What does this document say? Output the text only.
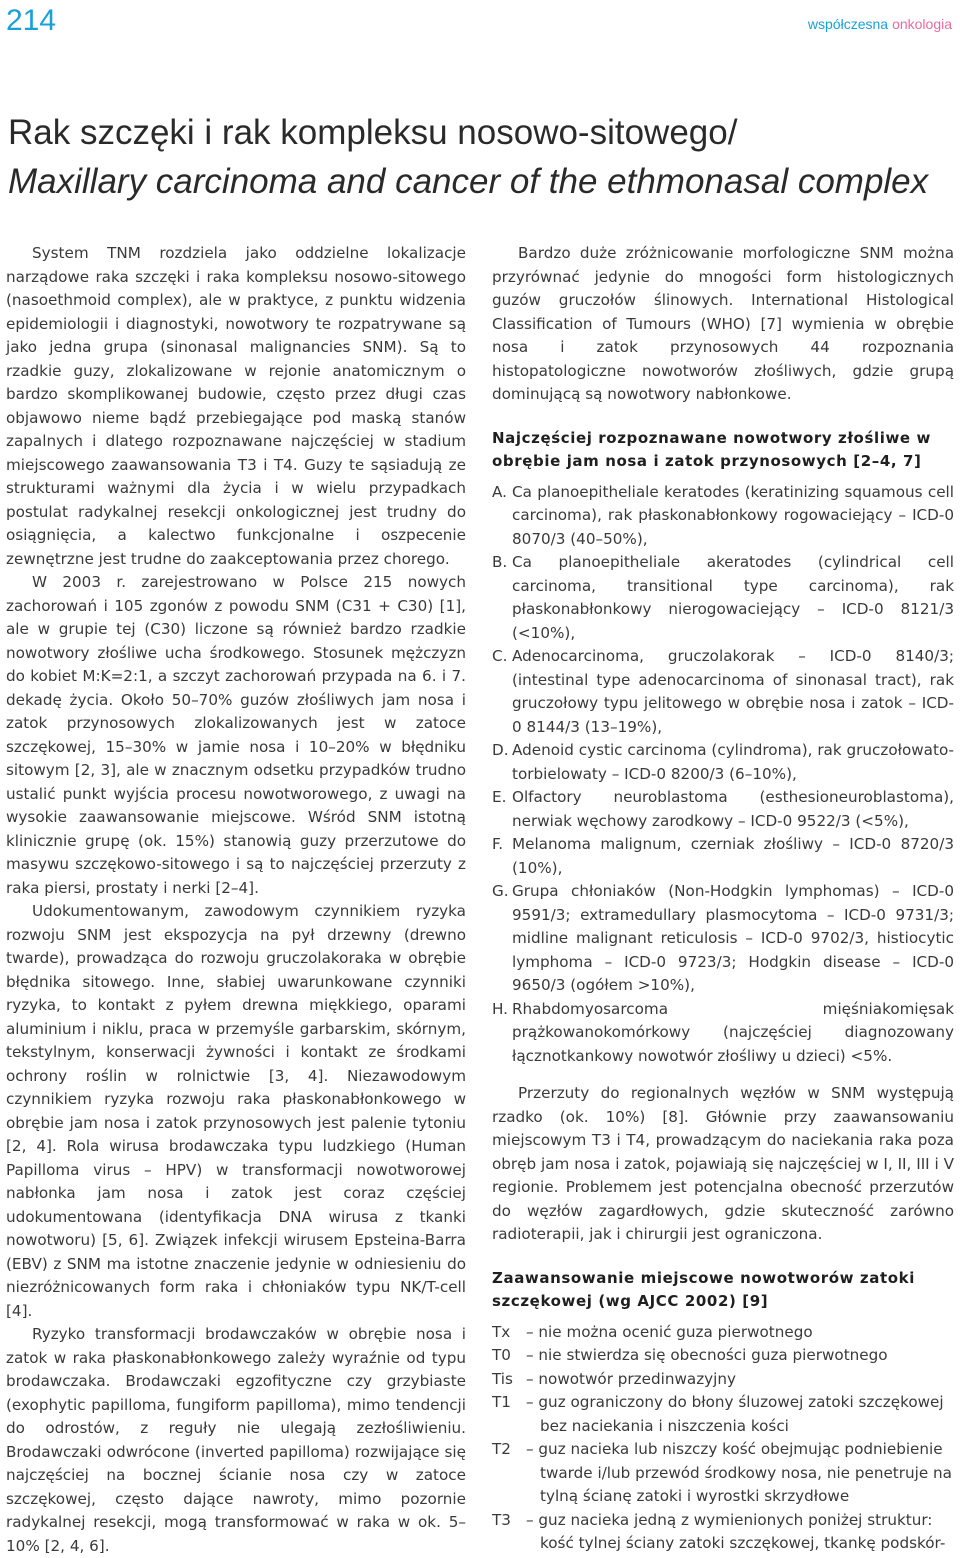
214	współczesna onkologia
Rak szczęki i rak kompleksu nosowo-sitowego/
Maxillary carcinoma and cancer of the ethmonasal complex

System TNM rozdziela jako oddzielne lokalizacje narządowe raka szczęki i raka kompleksu nosowo-sitowego (nasoethmoid complex), ale w praktyce, z punktu widzenia epidemiologii i diagnostyki, nowotwory te rozpatrywane są jako jedna grupa (sinonasal malignancies SNM). Są to rzadkie guzy, zlokalizowane w rejonie anatomicznym o bardzo skomplikowanej budowie, często przez długi czas objawowo nieme bądź przebiegające pod maską stanów zapalnych i dlatego rozpoznawane najczęściej w stadium miejscowego zaawansowania T3 i T4. Guzy te sąsiadują ze strukturami ważnymi dla życia i w wielu przypadkach postulat radykalnej resekcji onkologicznej jest trudny do osiągnięcia, a kalectwo funkcjonalne i oszpecenie zewnętrzne jest trudne do zaakceptowania przez chorego.

W 2003 r. zarejestrowano w Polsce 215 nowych zachorowań i 105 zgonów z powodu SNM (C31 + C30) [1], ale w grupie tej (C30) liczone są również bardzo rzadkie nowotwory złośliwe ucha środkowego. Stosunek mężczyzn do kobiet M:K=2:1, a szczyt zachorowań przypada na 6. i 7. dekadę życia. Około 50–70% guzów złośliwych jam nosa i zatok przynosowych zlokalizowanych jest w zatoce szczękowej, 15–30% w jamie nosa i 10–20% w błędniku sitowym [2, 3], ale w znacznym odsetku przypadków trudno ustalić punkt wyjścia procesu nowotworowego, z uwagi na wysokie zaawansowanie miejscowe. Wśród SNM istotną klinicznie grupę (ok. 15%) stanowią guzy przerzutowe do masywu szczękowo-sitowego i są to najczęściej przerzuty z raka piersi, prostaty i nerki [2–4].

Udokumentowanym, zawodowym czynnikiem ryzyka rozwoju SNM jest ekspozycja na pył drzewny (drewno twarde), prowadząca do rozwoju gruczolakoraka w obrębie błędnika sitowego. Inne, słabiej uwarunkowane czynniki ryzyka, to kontakt z pyłem drewna miękkiego, oparami aluminium i niklu, praca w przemyśle garbarskim, skórnym, tekstylnym, konserwacji żywności i kontakt ze środkami ochrony roślin w rolnictwie [3, 4]. Niezawodowym czynnikiem ryzyka rozwoju raka płaskonabłonkowego w obrębie jam nosa i zatok przynosowych jest palenie tytoniu [2, 4]. Rola wirusa brodawczaka typu ludzkiego (Human Papilloma virus – HPV) w transformacji nowotworowej nabłonka jam nosa i zatok jest coraz częściej udokumentowana (identyfikacja DNA wirusa z tkanki nowotworu) [5, 6]. Związek infekcji wirusem Epsteina-Barra (EBV) z SNM ma istotne znaczenie jedynie w odniesieniu do niezróżnicowanych form raka i chłoniaków typu NK/T-cell [4].

Ryzyko transformacji brodawczaków w obrębie nosa i zatok w raka płaskonabłonkowego zależy wyraźnie od typu brodawczaka. Brodawczaki egzofityczne czy grzybiaste (exophytic papilloma, fungiform papilloma), mimo tendencji do odrostów, z reguły nie ulegają zezłośliwieniu. Brodawczaki odwrócone (inverted papilloma) rozwijające się najczęściej na bocznej ścianie nosa czy w zatoce szczękowej, często dające nawroty, mimo pozornie radykalnej resekcji, mogą transformować w raka w ok. 5–10% [2, 4, 6].

Bardzo duże zróżnicowanie morfologiczne SNM można przyrównać jedynie do mnogości form histologicznych guzów gruczołów ślinowych. International Histological Classification of Tumours (WHO) [7] wymienia w obrębie nosa i zatok przynosowych 44 rozpoznania histopatologiczne nowotworów złośliwych, gdzie grupą dominującą są nowotwory nabłonkowe.

Najczęściej rozpoznawane nowotwory złośliwe w obrębie jam nosa i zatok przynosowych [2–4, 7]
A. Ca planoepitheliale keratodes (keratinizing squamous cell carcinoma), rak płaskonabłonkowy rogowaciejący – ICD-0 8070/3 (40–50%),
B. Ca planoepitheliale akeratodes (cylindrical cell carcinoma, transitional type carcinoma), rak płaskonabłonkowy nierogowaciejący – ICD-0 8121/3 (<10%),
C. Adenocarcinoma, gruczolakorak – ICD-0 8140/3; (intestinal type adenocarcinoma of sinonasal tract), rak gruczołowy typu jelitowego w obrębie nosa i zatok – ICD-0 8144/3 (13–19%),
D. Adenoid cystic carcinoma (cylindroma), rak gruczołowato-torbielowaty – ICD-0 8200/3 (6–10%),
E. Olfactory neuroblastoma (esthesioneuroblastoma), nerwiak węchowy zarodkowy – ICD-0 9522/3 (<5%),
F. Melanoma malignum, czerniak złośliwy – ICD-0 8720/3 (10%),
G. Grupa chłoniaków (Non-Hodgkin lymphomas) – ICD-0 9591/3; extramedullary plasmocytoma – ICD-0 9731/3; midline malignant reticulosis – ICD-0 9702/3, histiocytic lymphoma – ICD-0 9723/3; Hodgkin disease – ICD-0 9650/3 (ogółem >10%),
H. Rhabdomyosarcoma mięśniakomięsak prążkowanokomórkowy (najczęściej diagnozowany łącznotkankowy nowotwór złośliwy u dzieci) <5%.

Przerzuty do regionalnych węzłów w SNM występują rzadko (ok. 10%) [8]. Głównie przy zaawansowaniu miejscowym T3 i T4, prowadzącym do naciekania raka poza obręb jam nosa i zatok, pojawiają się najczęściej w I, II, III i V regionie. Problemem jest potencjalna obecność przerzutów do węzłów zagardłowych, gdzie skuteczność zarówno radioterapii, jak i chirurgii jest ograniczona.

Zaawansowanie miejscowe nowotworów zatoki szczękowej (wg AJCC 2002) [9]
Tx	– nie można ocenić guza pierwotnego
T0	– nie stwierdza się obecności guza pierwotnego
Tis	– nowotwór przedinwazyjny
T1	– guz ograniczony do błony śluzowej zatoki szczękowej bez naciekania i niszczenia kości
T2	– guz nacieka lub niszczy kość obejmując podniebienie twarde i/lub przewód środkowy nosa, nie penetruje na tylną ścianę zatoki i wyrostki skrzydłowe
T3	– guz nacieka jedną z wymienionych poniżej struktur: kość tylnej ściany zatoki szczękowej, tkankę podskór-
